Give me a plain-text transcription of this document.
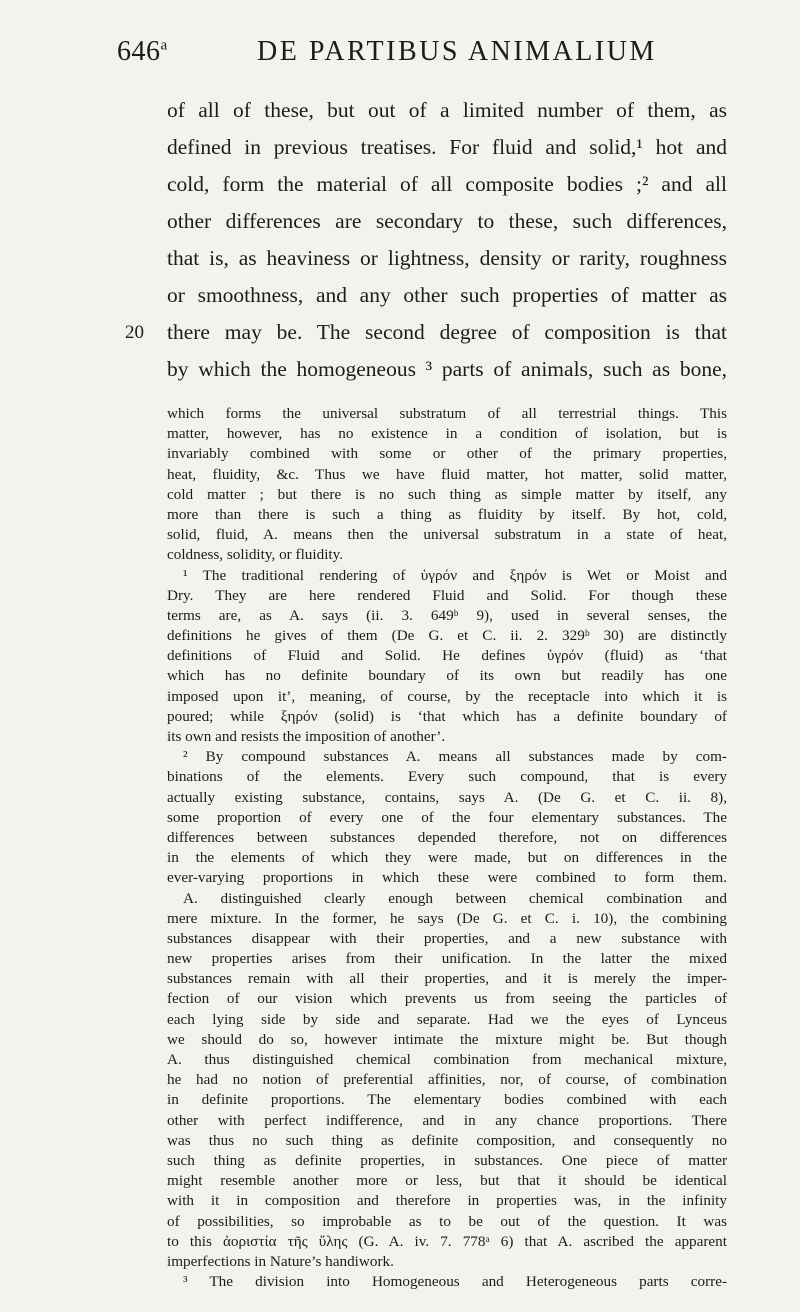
646$^a$	DE PARTIBUS ANIMALIUM
of all of these, but out of a limited number of them, as
defined in previous treatises. For fluid and solid,¹ hot and
cold, form the material of all composite bodies ;² and all
other differences are secondary to these, such differences,
that is, as heaviness or lightness, density or rarity, roughness
or smoothness, and any other such properties of matter as
20 there may be. The second degree of composition is that
by which the homogeneous ³ parts of animals, such as bone,
which forms the universal substratum of all terrestrial things. This
matter, however, has no existence in a condition of isolation, but is
invariably combined with some or other of the primary properties,
heat, fluidity, &c. Thus we have fluid matter, hot matter, solid matter,
cold matter ; but there is no such thing as simple matter by itself, any
more than there is such a thing as fluidity by itself. By hot, cold,
solid, fluid, A. means then the universal substratum in a state of heat,
coldness, solidity, or fluidity.
¹ The traditional rendering of ὑγρόν and ξηρόν is Wet or Moist and
Dry. They are here rendered Fluid and Solid. For though these
terms are, as A. says (ii. 3. 649ᵇ 9), used in several senses, the
definitions he gives of them (De G. et C. ii. 2. 329ᵇ 30) are distinctly
definitions of Fluid and Solid. He defines ὑγρόν (fluid) as ‘that
which has no definite boundary of its own but readily has one
imposed upon it’, meaning, of course, by the receptacle into which it is
poured; while ξηρόν (solid) is ‘that which has a definite boundary of
its own and resists the imposition of another’.
² By compound substances A. means all substances made by com-
binations of the elements. Every such compound, that is every
actually existing substance, contains, says A. (De G. et C. ii. 8),
some proportion of every one of the four elementary substances. The
differences between substances depended therefore, not on differences
in the elements of which they were made, but on differences in the
ever-varying proportions in which these were combined to form them.
A. distinguished clearly enough between chemical combination and
mere mixture. In the former, he says (De G. et C. i. 10), the combining
substances disappear with their properties, and a new substance with
new properties arises from their unification. In the latter the mixed
substances remain with all their properties, and it is merely the imper-
fection of our vision which prevents us from seeing the particles of
each lying side by side and separate. Had we the eyes of Lynceus
we should do so, however intimate the mixture might be. But though
A. thus distinguished chemical combination from mechanical mixture,
he had no notion of preferential affinities, nor, of course, of combination
in definite proportions. The elementary bodies combined with each
other with perfect indifference, and in any chance proportions. There
was thus no such thing as definite composition, and consequently no
such thing as definite properties, in substances. One piece of matter
might resemble another more or less, but that it should be identical
with it in composition and therefore in properties was, in the infinity
of possibilities, so improbable as to be out of the question. It was
to this ἀοριστία τῆς ὕλης (G. A. iv. 7. 778ᵃ 6) that A. ascribed the apparent
imperfections in Nature’s handiwork.
³ The division into Homogeneous and Heterogeneous parts corre-
